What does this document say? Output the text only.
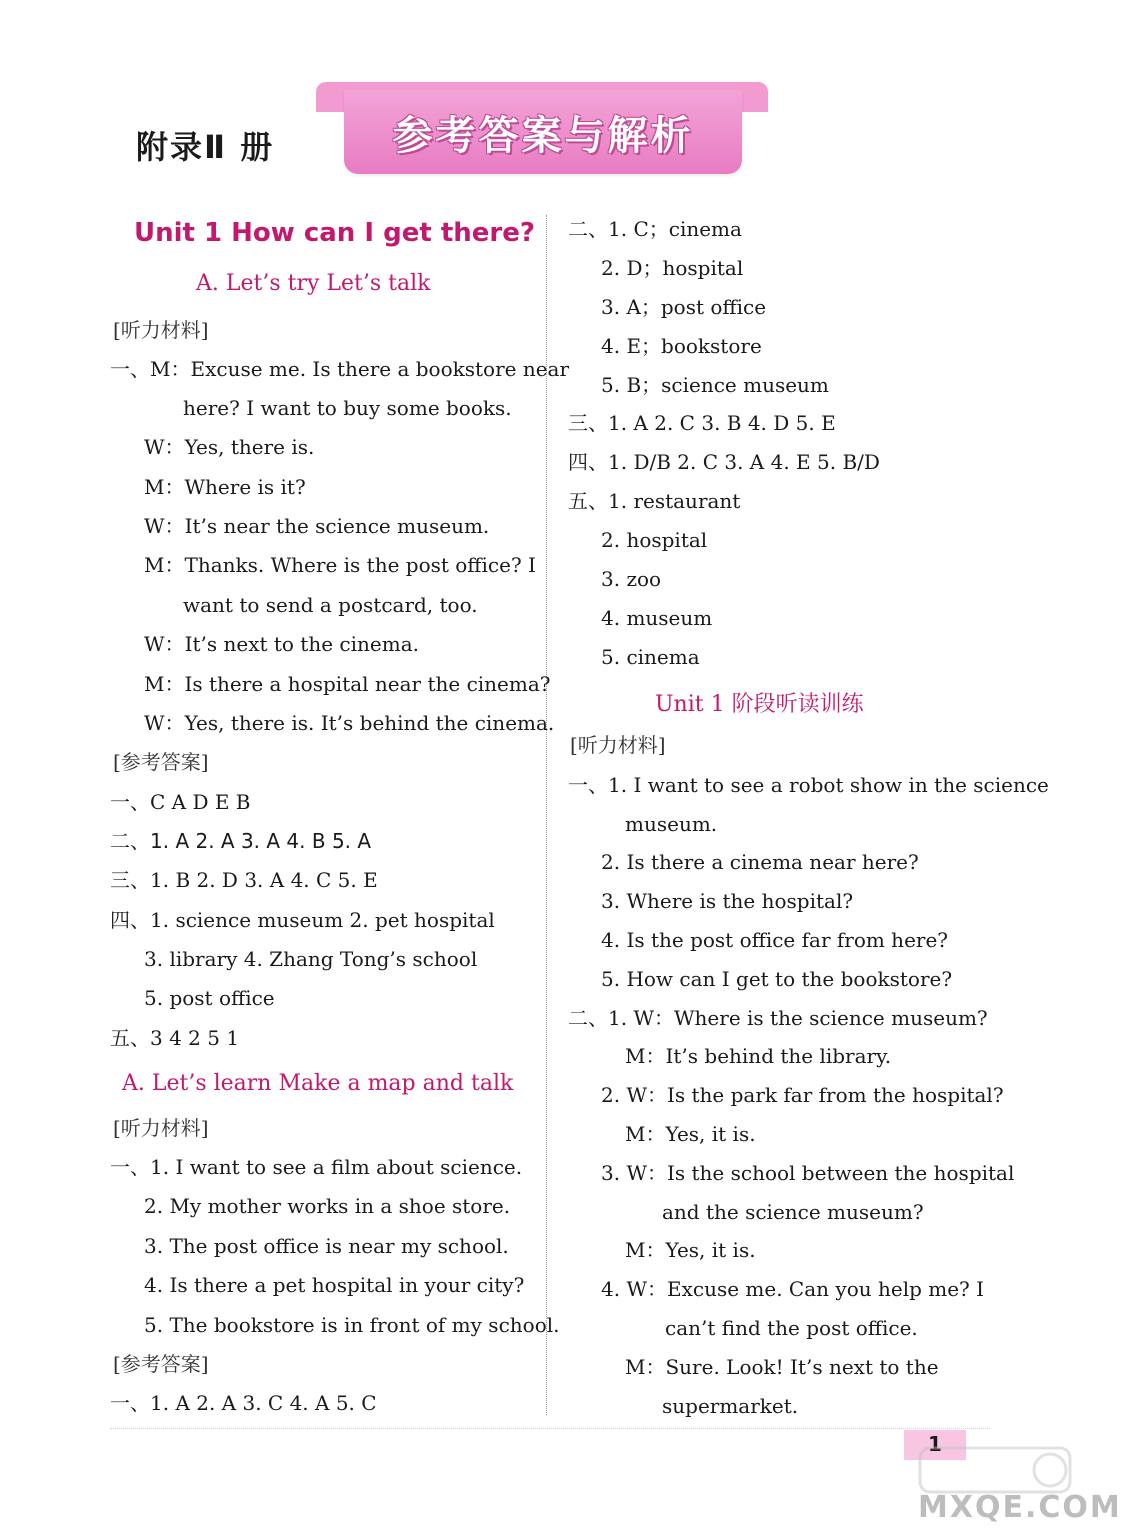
附录Ⅱ 册	参考答案与解析
Unit 1 How can I get there?
A. Let’s try Let’s talk
[听力材料]
一、M：Excuse me. Is there a bookstore near
here? I want to buy some books.
W：Yes, there is.
M：Where is it?
W：It’s near the science museum.
M：Thanks. Where is the post office? I
want to send a postcard, too.
W：It’s next to the cinema.
M：Is there a hospital near the cinema?
W：Yes, there is. It’s behind the cinema.
[参考答案]
一、C A D E B
二、1. A 2. A 3. A 4. B 5. A
三、1. B 2. D 3. A 4. C 5. E
四、1. science museum 2. pet hospital
3. library 4. Zhang Tong’s school
5. post office
五、3 4 2 5 1
A. Let’s learn Make a map and talk
[听力材料]
一、1. I want to see a film about science.
2. My mother works in a shoe store.
3. The post office is near my school.
4. Is there a pet hospital in your city?
5. The bookstore is in front of my school.
[参考答案]
一、1. A 2. A 3. C 4. A 5. C
二、1. C；cinema
2. D；hospital
3. A；post office
4. E；bookstore
5. B；science museum
三、1. A 2. C 3. B 4. D 5. E
四、1. D/B 2. C 3. A 4. E 5. B/D
五、1. restaurant
2. hospital
3. zoo
4. museum
5. cinema
Unit 1 阶段听读训练
[听力材料]
一、1. I want to see a robot show in the science
museum.
2. Is there a cinema near here?
3. Where is the hospital?
4. Is the post office far from here?
5. How can I get to the bookstore?
二、1. W：Where is the science museum?
M：It’s behind the library.
2. W：Is the park far from the hospital?
M：Yes, it is.
3. W：Is the school between the hospital
and the science museum?
M：Yes, it is.
4. W：Excuse me. Can you help me? I
can’t find the post office.
M：Sure. Look! It’s next to the
supermarket.
1
MXQE.COM
